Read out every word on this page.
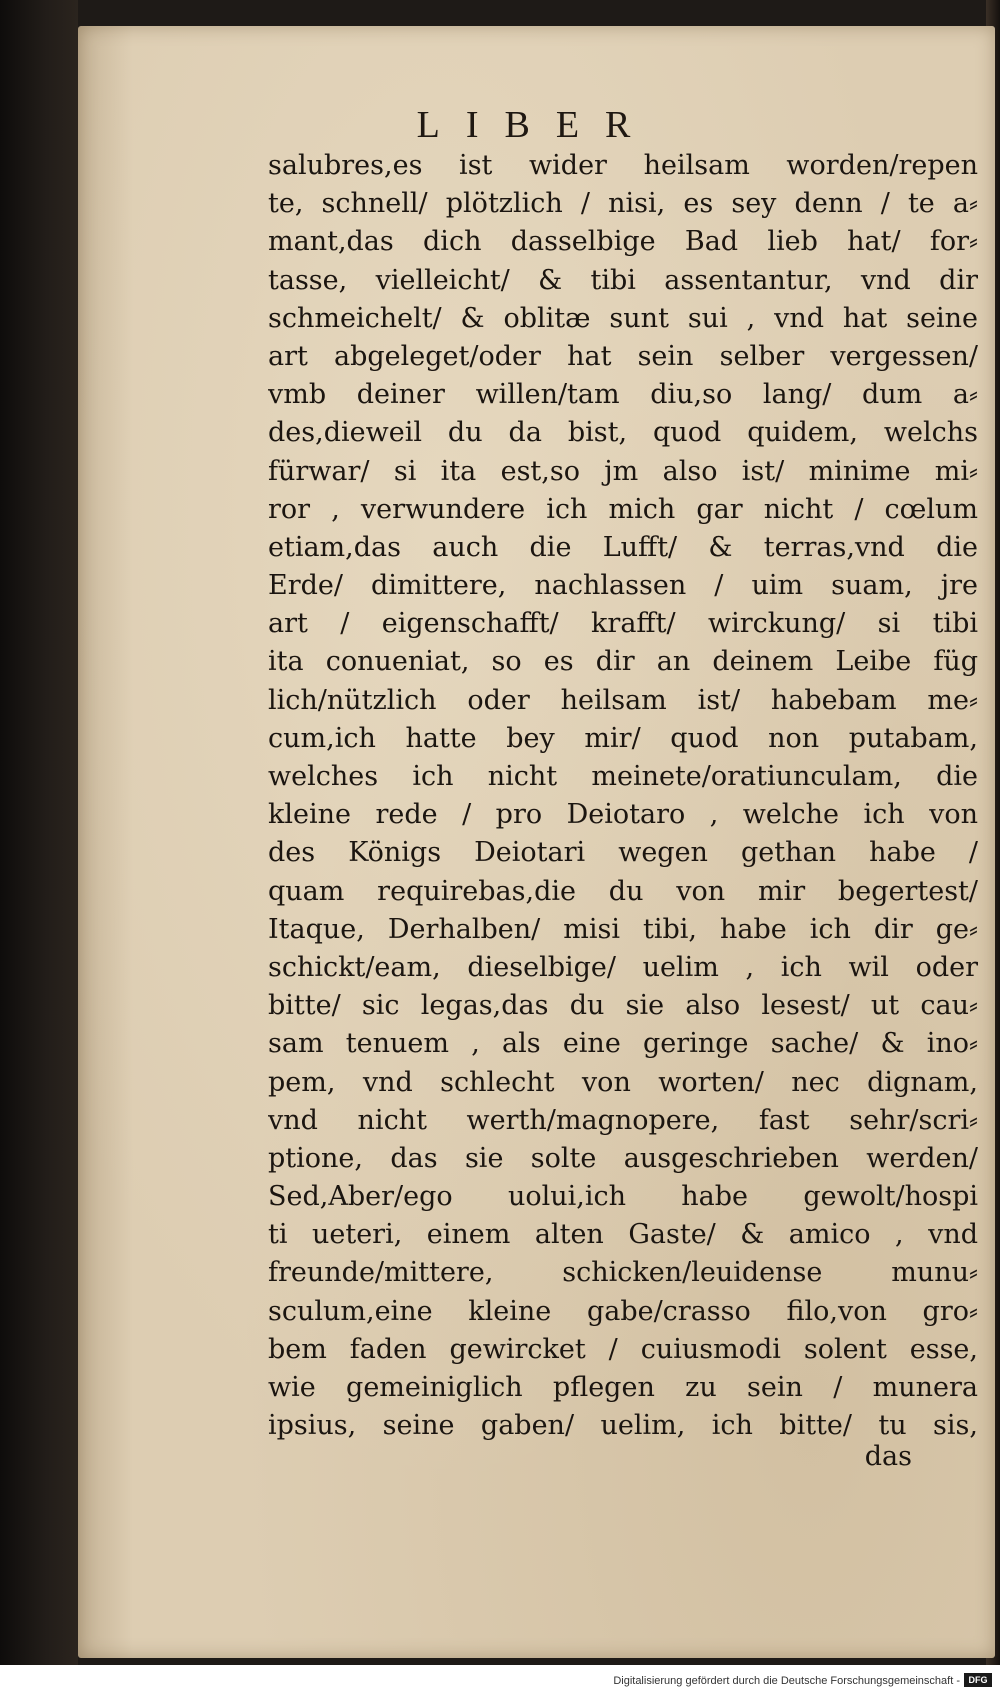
LIBER
salubres,es ist wider heilsam worden/repen
te, schnell/ plötzlich / nisi, es sey denn / te a⸗
mant,das dich dasselbige Bad lieb hat/ for⸗
tasse, vielleicht/ & tibi assentantur, vnd dir
schmeichelt/ & oblitæ sunt sui , vnd hat seine
art abgeleget/oder hat sein selber vergessen/
vmb deiner willen/tam diu,so lang/ dum a⸗
des,dieweil du da bist, quod quidem, welchs
fürwar/ si ita est,so jm also ist/ minime mi⸗
ror , verwundere ich mich gar nicht / cœlum
etiam,das auch die Lufft/ & terras,vnd die
Erde/ dimittere, nachlassen / uim suam, jre
art / eigenschafft/ krafft/ wirckung/ si tibi
ita conueniat, so es dir an deinem Leibe füg
lich/nützlich oder heilsam ist/ habebam me⸗
cum,ich hatte bey mir/ quod non putabam,
welches ich nicht meinete/oratiunculam, die
kleine rede / pro Deiotaro , welche ich von
des Königs Deiotari wegen gethan habe /
quam requirebas,die du von mir begertest/
Itaque, Derhalben/ misi tibi, habe ich dir ge⸗
schickt/eam, dieselbige/ uelim , ich wil oder
bitte/ sic legas,das du sie also lesest/ ut cau⸗
sam tenuem , als eine geringe sache/ & ino⸗
pem, vnd schlecht von worten/ nec dignam,
vnd nicht werth/magnopere, fast sehr/scri⸗
ptione, das sie solte ausgeschrieben werden/
Sed,Aber/ego uolui,ich habe gewolt/hospi
ti ueteri, einem alten Gaste/ & amico , vnd
freunde/mittere, schicken/leuidense munu⸗
sculum,eine kleine gabe/crasso filo,von gro⸗
bem faden gewircket / cuiusmodi solent esse,
wie gemeiniglich pflegen zu sein / munera
ipsius, seine gaben/ uelim, ich bitte/ tu sis,
das
Digitalisierung gefördert durch die Deutsche Forschungsgemeinschaft - DFG
